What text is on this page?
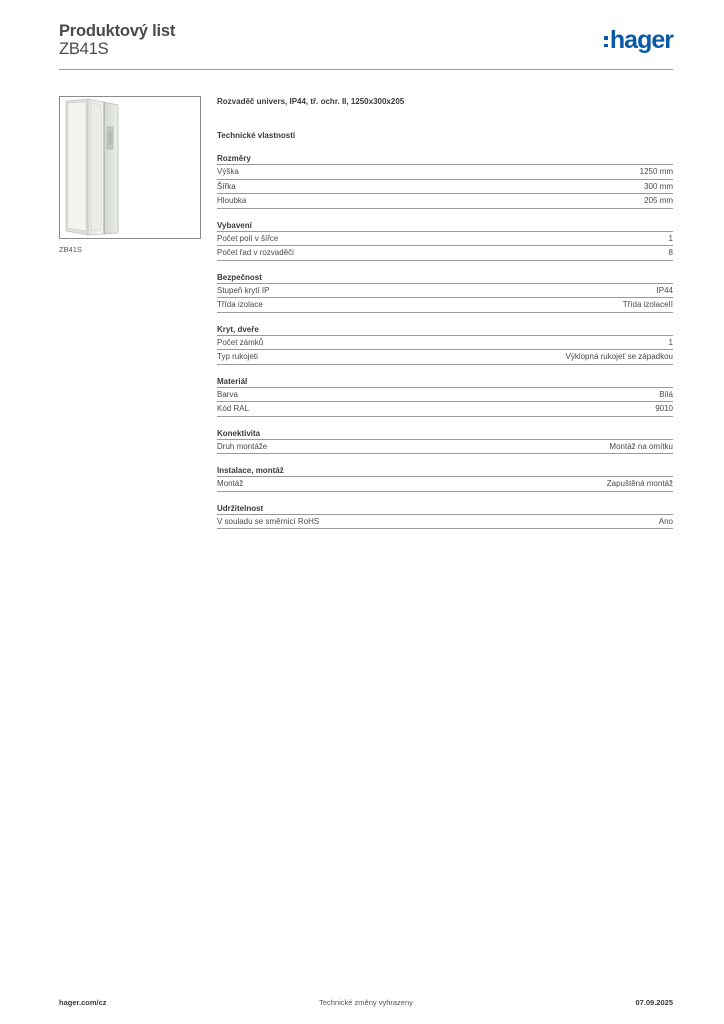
Produktový list
ZB41S	hager
ZB41S
Rozvaděč univers, IP44, tř. ochr. II, 1250x300x205
Technické vlastnosti
Rozměry
Výška	1250 mm
Šířka	300 mm
Hloubka	205 mm
Vybavení
Počet polí v šířce	1
Počet řad v rozvaděči	8
Bezpečnost
Stupeň krytí IP	IP44
Třída izolace	Třída izolaceII
Kryt, dveře
Počet zámků	1
Typ rukojeti	Výklopná rukojeť se západkou
Materiál
Barva	Bílá
Kód RAL	9010
Konektivita
Druh montáže	Montáž na omítku
Instalace, montáž
Montáž	Zapuštěná montáž
Udržitelnost
V souladu se směrnicí RoHS	Ano
hager.com/cz	Technické změny vyhrazeny	07.09.2025
